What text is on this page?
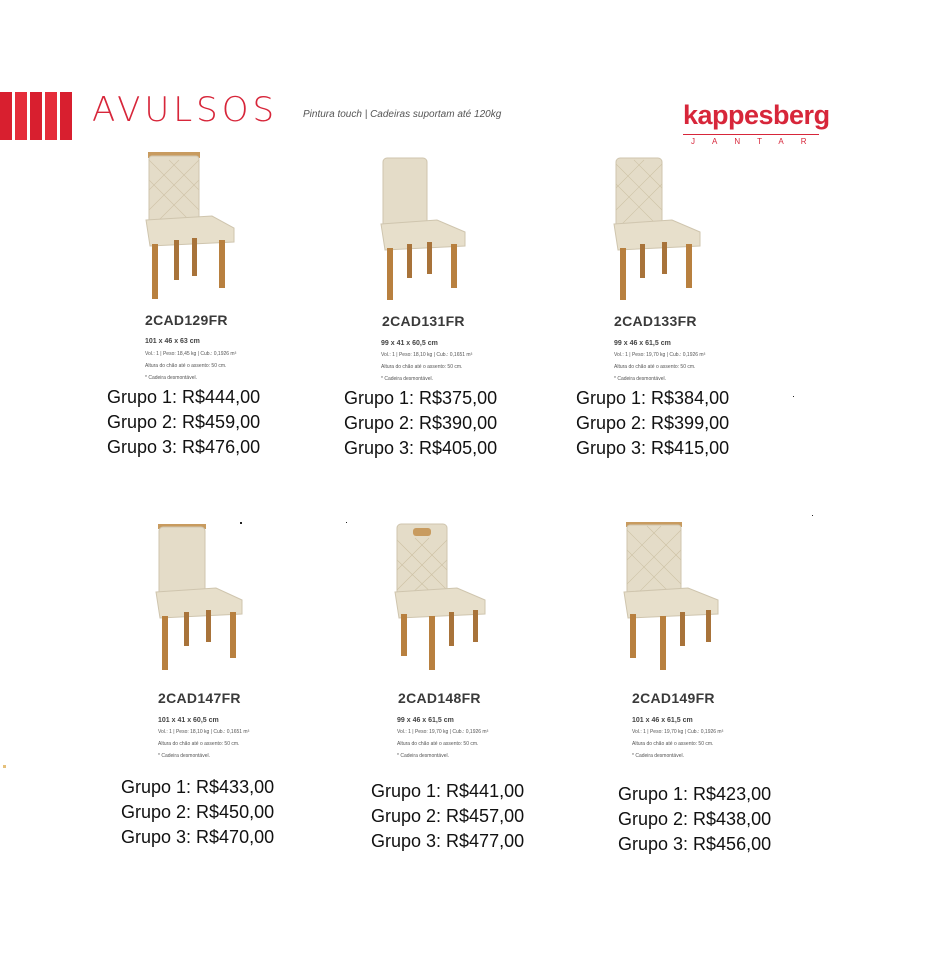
AVULSOS Pintura touch | Cadeiras suportam até 120kg	kappesberg
JANTAR
2CAD129FR
101 x 46 x 63 cm
Vol.: 1 | Peso: 18,45 kg | Cub.: 0,1926 m³
Altura do chão até o assento: 50 cm.
* Cadeira desmontável.
Grupo 1: R$444,00
Grupo 2: R$459,00
Grupo 3: R$476,00
2CAD131FR
99 x 41 x 60,5 cm
Vol.: 1 | Peso: 18,10 kg | Cub.: 0,1651 m³
Altura do chão até o assento: 50 cm.
* Cadeira desmontável.
Grupo 1: R$375,00
Grupo 2: R$390,00
Grupo 3: R$405,00
2CAD133FR
99 x 46 x 61,5 cm
Vol.: 1 | Peso: 19,70 kg | Cub.: 0,1926 m³
Altura do chão até o assento: 50 cm.
* Cadeira desmontável.
Grupo 1: R$384,00
Grupo 2: R$399,00
Grupo 3: R$415,00
2CAD147FR
101 x 41 x 60,5 cm
Vol.: 1 | Peso: 18,10 kg | Cub.: 0,1651 m³
Altura do chão até o assento: 50 cm.
* Cadeira desmontável.
Grupo 1: R$433,00
Grupo 2: R$450,00
Grupo 3: R$470,00
2CAD148FR
99 x 46 x 61,5 cm
Vol.: 1 | Peso: 19,70 kg | Cub.: 0,1926 m³
Altura do chão até o assento: 50 cm.
* Cadeira desmontável.
Grupo 1: R$441,00
Grupo 2: R$457,00
Grupo 3: R$477,00
2CAD149FR
101 x 46 x 61,5 cm
Vol.: 1 | Peso: 19,70 kg | Cub.: 0,1926 m³
Altura do chão até o assento: 50 cm.
* Cadeira desmontável.
Grupo 1: R$423,00
Grupo 2: R$438,00
Grupo 3: R$456,00
